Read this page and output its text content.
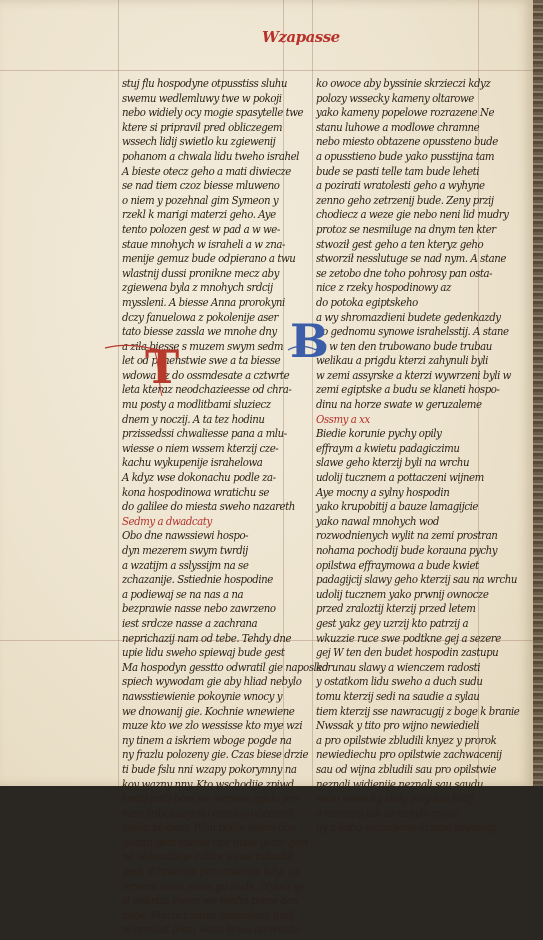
Wzapasse
stuj flu hospodyne otpusstiss sluhu
swemu wedlemluwy twe w pokoji
nebo widiely ocy mogie spasytelle twe
ktere si pripravil pred obliczegem
wssech lidij swietlo ku zgiewenij
pohanom a chwala lidu tweho israhel
A bieste otecz geho a mati diwiecze
se nad tiem czoz biesse mluweno
o niem y pozehnal gim Symeon y
rzekl k marigi materzi geho. Aye
tento polozen gest w pad a w we-
staue mnohych w israheli a w zna-
menije gemuz bude odpierano a twu
wlastnij dussi pronikne mecz aby
zgiewena byla z mnohych srdcij
myssleni. A biesse Anna prorokyni
dczy fanuelowa z pokolenije aser
tato biesse zassla we mnohe dny
a zila biesse s muzem swym sedm
let od panenstwie swe a ta biesse
wdowa az do ossmdesate a cztwrte
leta kteraz neodchazieesse od chra-
mu posty a modlitbami sluziecz
dnem y noczij. A ta tez hodinu
przissedssi chwaliesse pana a mlu-
wiesse o niem wssem kterzij cze-
kachu wykupenije israhelowa
A kdyz wse dokonachu podle za-
kona hospodinowa wratichu se
do galilee do miesta sweho nazareth
Sedmy a dwadcaty
Obo dne nawssiewi hospo-
dyn mezerem swym twrdij
a wzatijm a sslyssijm na se
zchazanije. Sstiednie hospodine
a podiewaj se na nas a na
bezprawie nasse nebo zawrzeno
iest srdcze nasse a zachrana
neprichazij nam od tebe. Tehdy dne
upie lidu sweho spiewaj bude gest
Ma hospodyn gesstto odwratil gie naposled
spiech wywodam gie aby hliad nebylo
nawsstiewienie pokoynie wnocy y
we dnowanij gie. Kochnie wnewiene
muze kto we zlo wessisse kto mye wzi
ny tinem a iskriem wboge pogde na
ny frazlu polozeny gie. Czas biese drzie
ti bude fslu nni wzapy pokorymny na
koy wazny nny. Kto wschodije zpiwd
kostij patli bom we wrnene apldo pro
nese tribulassy slo anaplsy obcesteli
swien plodem. Whu podle swem obo
gessto gest ssiewe ope bude gesto gest
na wslo zabige zabite ssiwe tulizabit
gest. Whnieczie pron mieczie kdyz za
wrzenu bude slnim gu bude. Wyssli ge
si wskrisu swem we wedin prece den
nebe. Prorocz nawn opnissienu budi
nepravost donu wasa bowa atowisste
ko owoce aby byssinie skrzieczi kdyz
polozy wssecky kameny oltarowe
yako kameny popelowe rozrazene Ne
stanu luhowe a modlowe chramne
nebo miesto obtazene opussteno bude
a opusstieno bude yako pusstijna tam
bude se pasti telle tam bude leheti
a pozirati wratolesti geho a wyhyne
zenno geho zetrzenij bude. Zeny przij
chodiecz a weze gie nebo neni lid mudry
protoz se nesmiluge na dnym ten kter
stwoził gest geho a ten kteryz geho
stworził nesslutuge se nad nym. A stane
se zetobo dne toho pohrosy pan osta-
nice z rzeky hospodinowy az
do potoka egiptskeho
a wy shromazdieni budete gedenkazdy
po gednomu synowe israhelsstij. A stane
se w ten den trubowano bude trubau
welikau a prigdu kterzi zahynuli byli
w zemi assyrske a kterzi wywrzeni byli w
zemi egiptske a budu se klaneti hospo-
dinu na horze swate w geruzaleme
Ossmy a xx
Biedie korunie pychy opily
effraym a kwietu padagiczimu
slawe geho kterzij byli na wrchu
udolij tucznem a pottaczeni wijnem
Aye mocny a sylny hospodin
yako krupobitij a bauze lamagijcie
yako nawal mnohych wod
rozwodnienych wylit na zemi prostran
nohama pochodij bude korauna pychy
opilstwa effraymowa a bude kwiet
padagijcij slawy geho kterzij sau na wrchu
udolij tucznem yako prwnij ownocze
przed zraloztij kterzij przed letem
gest yakz gey uzrzij kto patrzij a
wkuzzie ruce swe podtkne gej a sezere
gej W ten den budet hospodin zastupu
korunau slawy a wienczem radosti
y ostatkom lidu sweho a duch sudu
tomu kterzij sedi na saudie a sylau
tiem kterzij sse nawracugij z boge k branie
Nwssak y tito pro wijno newiedieli
a pro opilstwie zbludili knyez y prorok
newiediechu pro opilstwie zachwacenij
sau od wijna zbludili sau pro opilstwie
neznali widienije neznali sau saudu
nebo wssecky stoly plny sau blitij
a nerzadu tak ze nebylo mijsta
ny a koho wuzugeme krasne ssyssenij
T B
